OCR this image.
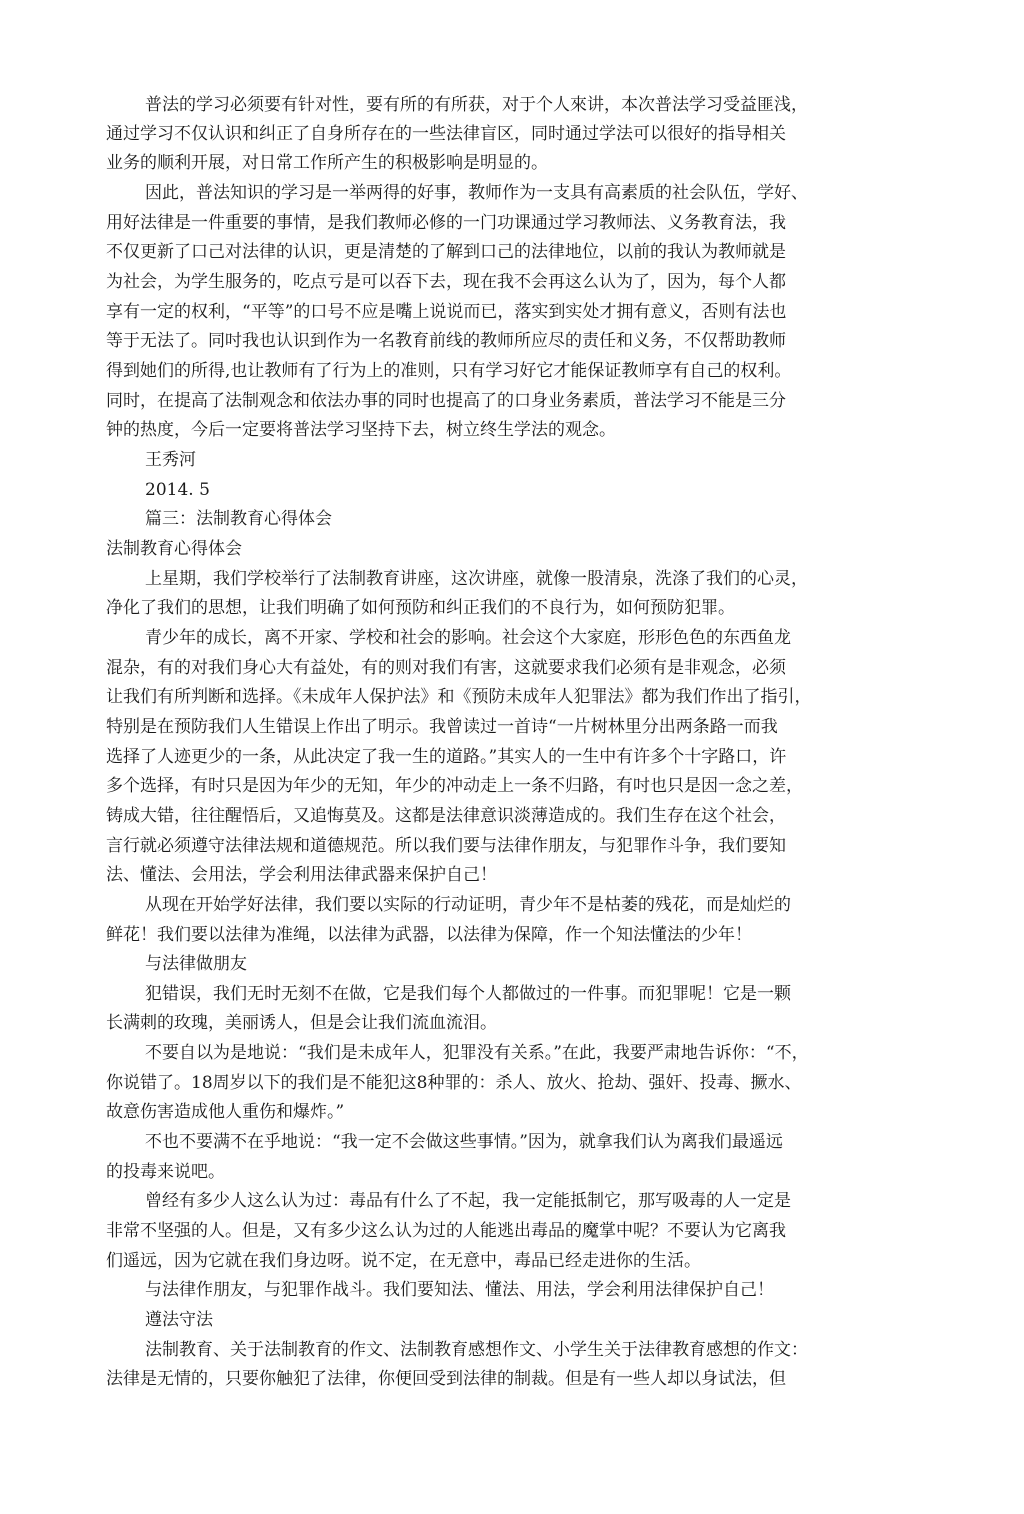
普法的学习必须要有针对性，要有所的有所获，对于个人來讲，本次普法学习受益匪浅，
通过学习不仅认识和纠正了自身所存在的一些法律盲区，同时通过学法可以很好的指导相关
业务的顺利开展，对日常工作所产生的积极影响是明显的。
因此，普法知识的学习是一举两得的好事，教师作为一支具有高素质的社会队伍，学好、
用好法律是一件重要的事情，是我们教师必修的一门功课通过学习教师法、义务教育法，我
不仅更新了口己对法律的认识，更是清楚的了解到口己的法律地位，以前的我认为教师就是
为社会，为学生服务的，吃点亏是可以吞下去，现在我不会再这么认为了，因为，每个人都
享有一定的权利，“平等”的口号不应是嘴上说说而已，落实到实处才拥有意义，否则有法也
等于无法了。同吋我也认识到作为一名教育前线的教师所应尽的责任和义务，不仅帮助教师
得到她们的所得,也让教师有了行为上的准则，只有学习好它才能保证教师享有自己的权利。
同时，在提高了法制观念和依法办事的同时也提高了的口身业务素质，普法学习不能是三分
钟的热度，今后一定要将普法学习坚持下去，树立终生学法的观念。
王秀河
2014. 5
篇三：法制教育心得体会
法制教育心得体会
上星期，我们学校举行了法制教育讲座，这次讲座，就像一股清泉，洗涤了我们的心灵，
净化了我们的思想，让我们明确了如何预防和纠正我们的不良行为，如何预防犯罪。
青少年的成长，离不开家、学校和社会的影响。社会这个大家庭，形形色色的东西鱼龙
混杂，有的对我们身心大有益处，有的则对我们有害，这就要求我们必须有是非观念，必须
让我们有所判断和选择。《未成年人保护法》和《预防未成年人犯罪法》都为我们作出了指引，
特别是在预防我们人生错误上作出了明示。我曾读过一首诗“一片树林里分出两条路一而我
选择了人迹更少的一条，从此决定了我一生的道路。”其实人的一生中有许多个十字路口，许
多个选择，有时只是因为年少的无知，年少的冲动走上一条不归路，有吋也只是因一念之差，
铸成大错，往往醒悟后，又追悔莫及。这都是法律意识淡薄造成的。我们生存在这个社会，
言行就必须遵守法律法规和道德规范。所以我们要与法律作朋友，与犯罪作斗争，我们要知
法、懂法、会用法，学会利用法律武器来保护自己！
从现在开始学好法律，我们要以实际的行动证明，青少年不是枯萎的残花，而是灿烂的
鲜花！我们要以法律为准绳，以法律为武器，以法律为保障，作一个知法懂法的少年！
与法律做朋友
犯错误，我们无时无刻不在做，它是我们每个人都做过的一件事。而犯罪呢！它是一颗
长满刺的玫瑰，美丽诱人，但是会让我们流血流泪。
不要自以为是地说：“我们是未成年人，犯罪没有关系。”在此，我要严肃地告诉你：“不，
你说错了。18周岁以下的我们是不能犯这8种罪的：杀人、放火、抢劫、强奸、投毒、撅水、
故意伤害造成他人重伤和爆炸。”
不也不要满不在乎地说：“我一定不会做这些事情。”因为，就拿我们认为离我们最遥远
的投毒来说吧。
曾经有多少人这么认为过：毒品有什么了不起，我一定能抵制它，那写吸毒的人一定是
非常不坚强的人。但是，又有多少这么认为过的人能逃出毒品的魔掌中呢？不要认为它离我
们遥远，因为它就在我们身边呀。说不定，在无意中，毒品已经走进你的生活。
与法律作朋友，与犯罪作战斗。我们要知法、懂法、用法，学会利用法律保护自己！
遵法守法
法制教育、关于法制教育的作文、法制教育感想作文、小学生关于法律教育感想的作文：
法律是无情的，只要你触犯了法律，你便回受到法律的制裁。但是有一些人却以身试法，但
